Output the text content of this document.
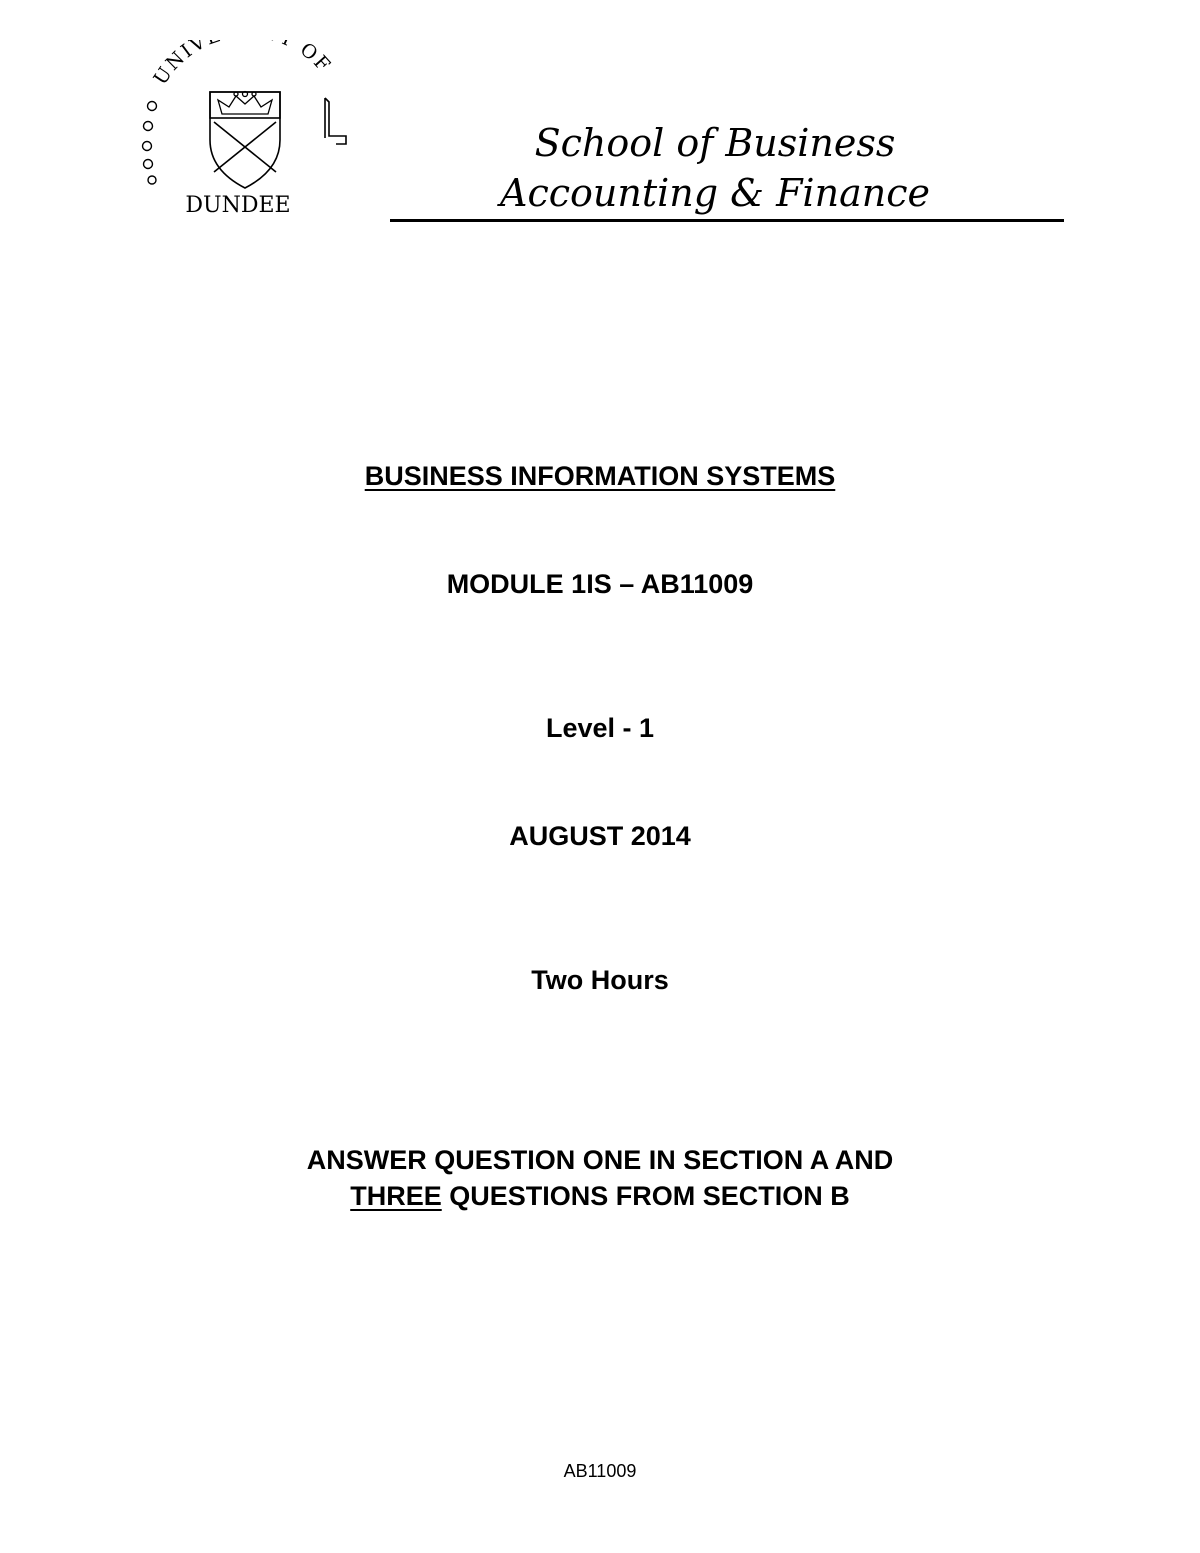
UNIV OF
DUNDEE
School of Business
Accounting & Finance
BUSINESS INFORMATION SYSTEMS
MODULE 1IS – AB11009
Level - 1
AUGUST 2014
Two Hours
ANSWER QUESTION ONE IN SECTION A AND
THREE QUESTIONS FROM SECTION B
AB11009
